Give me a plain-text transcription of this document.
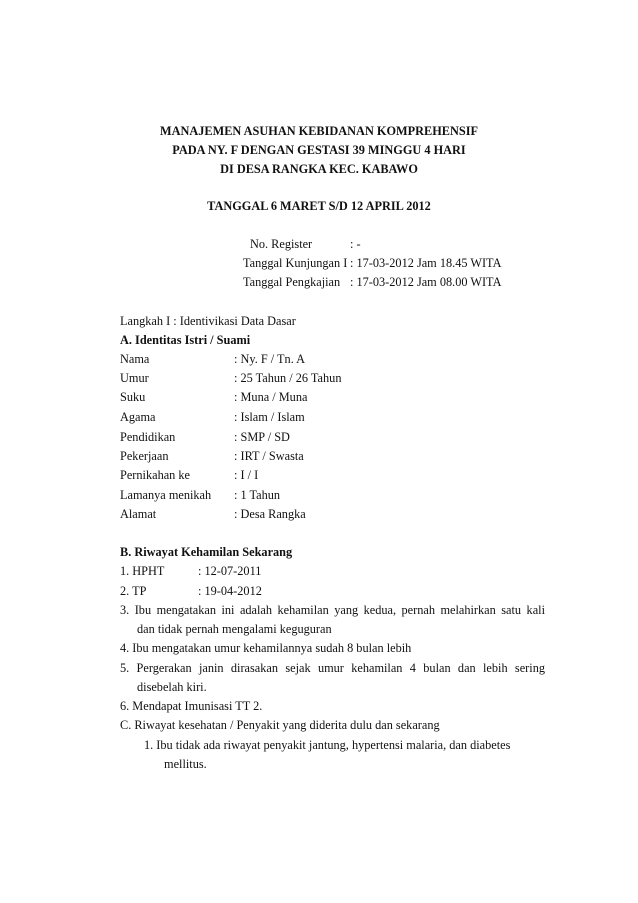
MANAJEMEN ASUHAN KEBIDANAN KOMPREHENSIF
PADA NY. F DENGAN GESTASI 39 MINGGU 4 HARI
DI DESA RANGKA KEC. KABAWO
TANGGAL 6 MARET S/D 12 APRIL 2012
No. Register	: -
Tanggal Kunjungan I : 17-03-2012 Jam 18.45 WITA
Tanggal Pengkajian : 17-03-2012 Jam 08.00 WITA
Langkah I : Identivikasi Data Dasar
A. Identitas Istri / Suami
Nama	: Ny. F / Tn. A
Umur	: 25 Tahun / 26 Tahun
Suku	: Muna / Muna
Agama	: Islam / Islam
Pendidikan	: SMP / SD
Pekerjaan	: IRT / Swasta
Pernikahan ke	: I / I
Lamanya menikah : 1 Tahun
Alamat	: Desa Rangka
B. Riwayat Kehamilan Sekarang
1. HPHT	: 12-07-2011
2. TP	: 19-04-2012
3. Ibu mengatakan ini adalah kehamilan yang kedua, pernah melahirkan satu kali
dan tidak pernah mengalami keguguran
4. Ibu mengatakan umur kehamilannya sudah 8 bulan lebih
5. Pergerakan janin dirasakan sejak umur kehamilan 4 bulan dan lebih sering
disebelah kiri.
6. Mendapat Imunisasi TT 2.
C. Riwayat kesehatan / Penyakit yang diderita dulu dan sekarang
1. Ibu tidak ada riwayat penyakit jantung, hypertensi malaria, dan diabetes
mellitus.
